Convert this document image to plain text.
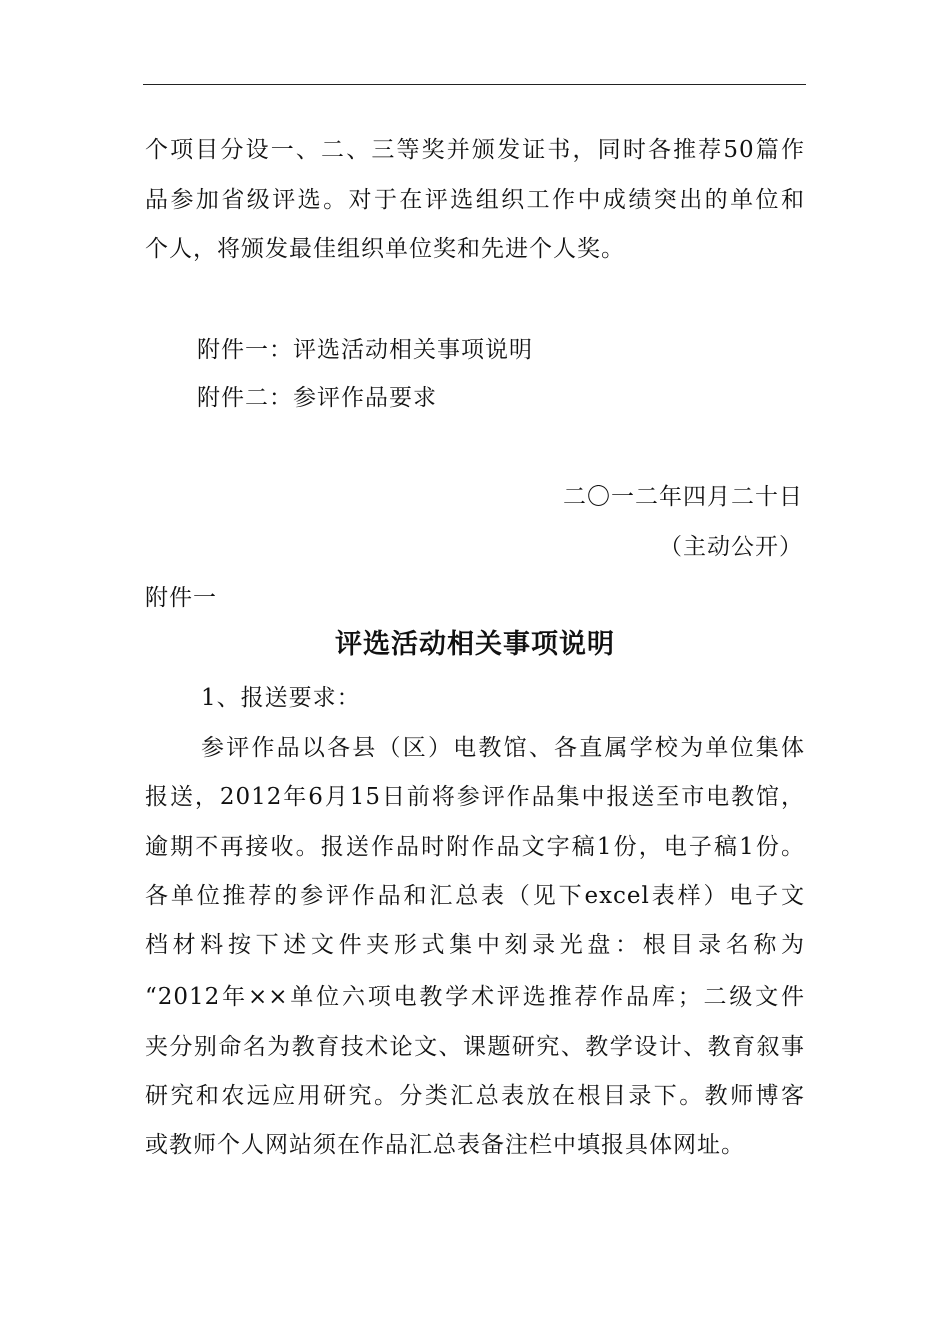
个项目分设一、二、三等奖并颁发证书，同时各推荐50篇作
品参加省级评选。对于在评选组织工作中成绩突出的单位和
个人，将颁发最佳组织单位奖和先进个人奖。
附件一：评选活动相关事项说明
附件二：参评作品要求
二〇一二年四月二十日
（主动公开）
附件一
评选活动相关事项说明
1、报送要求：
参评作品以各县（区）电教馆、各直属学校为单位集体
报送，2012年6月15日前将参评作品集中报送至市电教馆，
逾期不再接收。报送作品时附作品文字稿1份，电子稿1份。
各单位推荐的参评作品和汇总表（见下excel表样）电子文
档材料按下述文件夹形式集中刻录光盘：根目录名称为
“2012年××单位六项电教学术评选推荐作品库；二级文件
夹分别命名为教育技术论文、课题研究、教学设计、教育叙事
研究和农远应用研究。分类汇总表放在根目录下。教师博客
或教师个人网站须在作品汇总表备注栏中填报具体网址。
